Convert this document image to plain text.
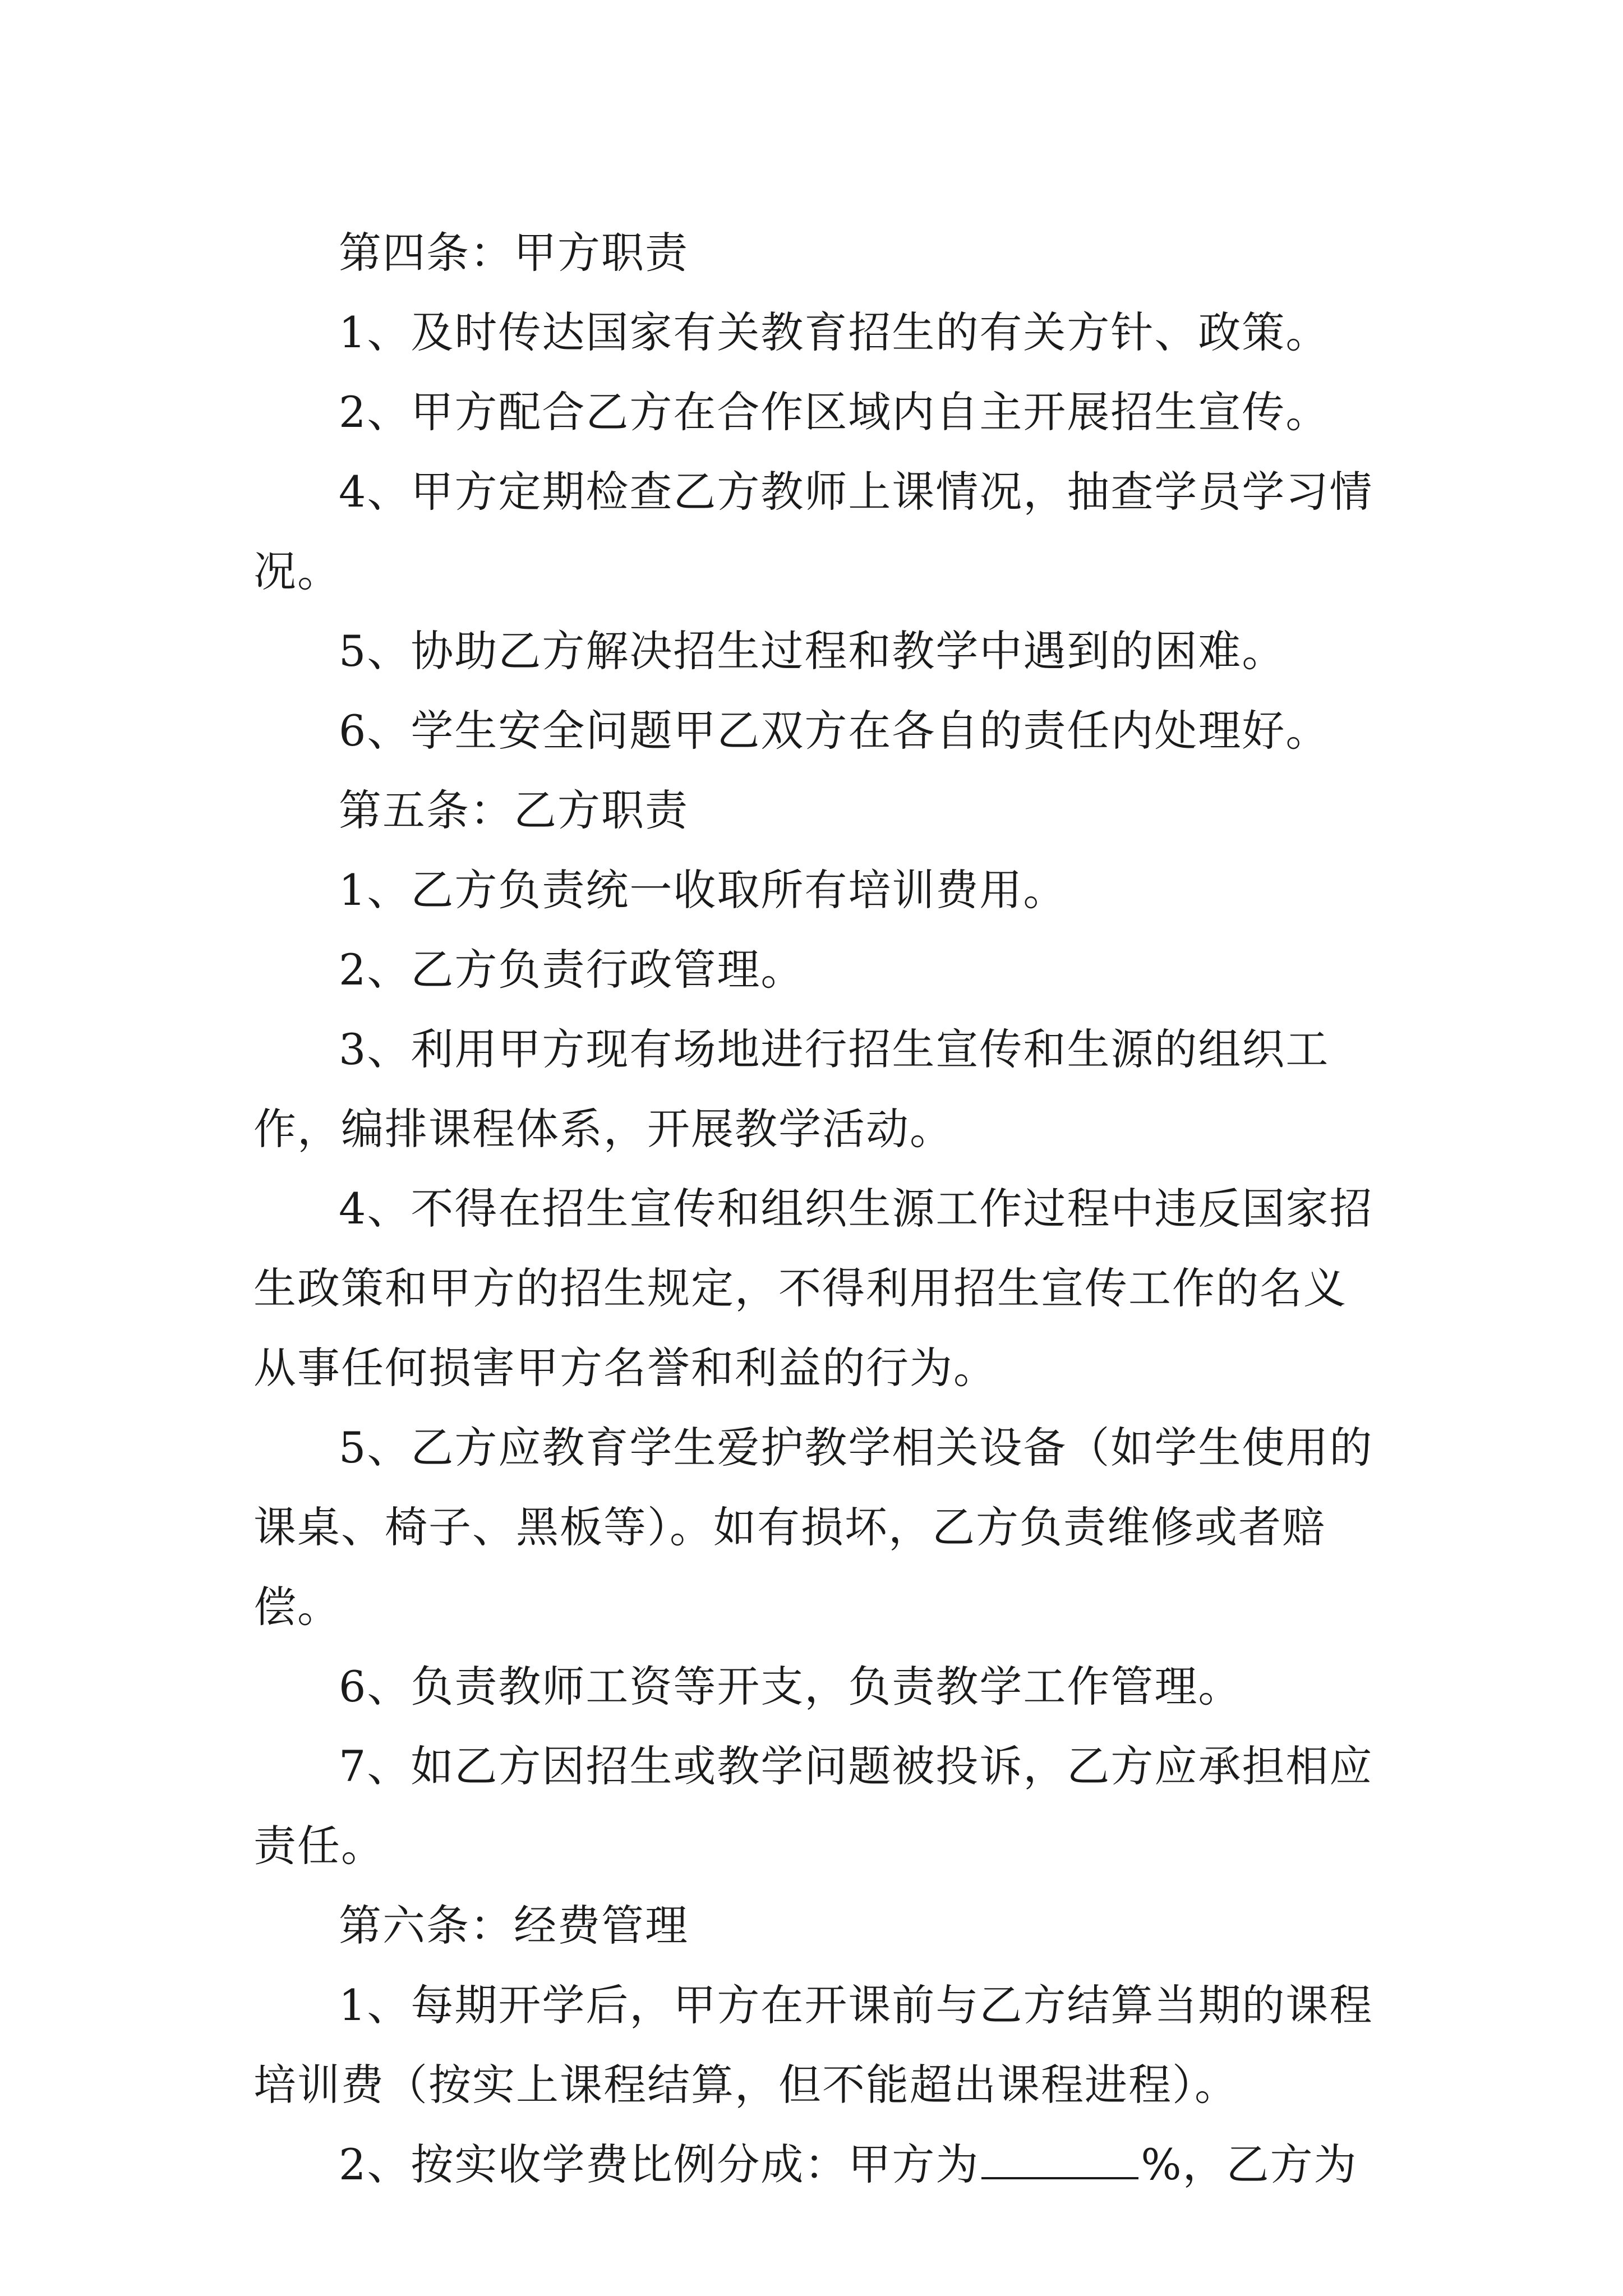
第四条：甲方职责

1、及时传达国家有关教育招生的有关方针、政策。

2、甲方配合乙方在合作区域内自主开展招生宣传。

4、甲方定期检查乙方教师上课情况，抽查学员学习情况。

5、协助乙方解决招生过程和教学中遇到的困难。

6、学生安全问题甲乙双方在各自的责任内处理好。

第五条：乙方职责

1、乙方负责统一收取所有培训费用。

2、乙方负责行政管理。

3、利用甲方现有场地进行招生宣传和生源的组织工作，编排课程体系，开展教学活动。

4、不得在招生宣传和组织生源工作过程中违反国家招生政策和甲方的招生规定，不得利用招生宣传工作的名义从事任何损害甲方名誉和利益的行为。

5、乙方应教育学生爱护教学相关设备（如学生使用的课桌、椅子、黑板等）。如有损坏，乙方负责维修或者赔偿。

6、负责教师工资等开支，负责教学工作管理。

7、如乙方因招生或教学问题被投诉，乙方应承担相应责任。

第六条：经费管理

1、每期开学后，甲方在开课前与乙方结算当期的课程培训费（按实上课程结算，但不能超出课程进程）。

2、按实收学费比例分成：甲方为	%，乙方为
